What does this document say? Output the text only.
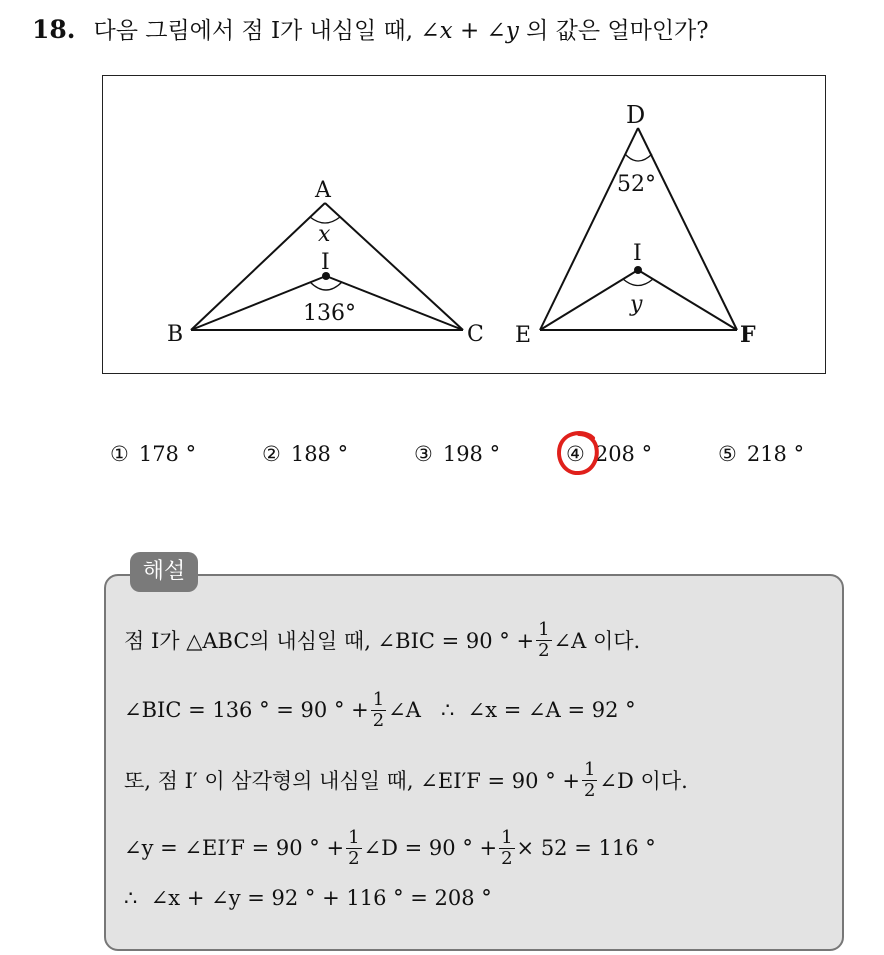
18. 다음 그림에서 점 I가 내심일 때, ∠x + ∠y 의 값은 얼마인가?
A
B	C
I
x
136°
D
E	F
I
52°
y
① 178 °	② 188 °	③ 198 °	④ 208 °	⑤ 218 °
해설
점 I가 △ABC의 내심일 때, ∠BIC = 90 ° + $\frac{1}{2}$ ∠A 이다.
∠BIC = 136 ° = 90 ° + $\frac{1}{2}$ ∠A   ∴  ∠x = ∠A = 92 °
또, 점 I′ 이 삼각형의 내심일 때, ∠EI′F = 90 ° + $\frac{1}{2}$ ∠D 이다.
∠y = ∠EI′F = 90 ° + $\frac{1}{2}$ ∠D = 90 ° + $\frac{1}{2} \times 52 = 116$ °
∴  ∠x + ∠y = 92 ° + 116 ° = 208 °
